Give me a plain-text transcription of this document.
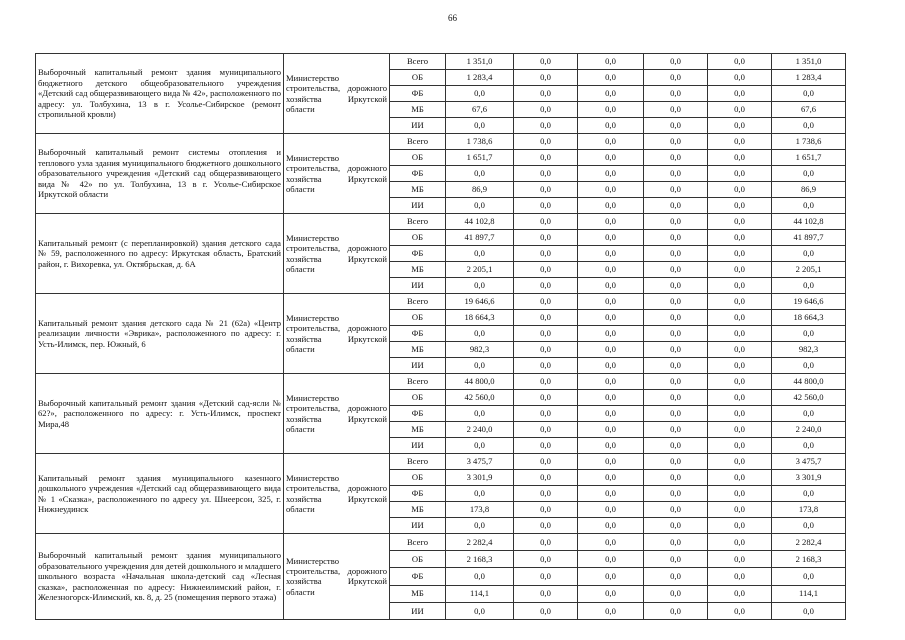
66
Выборочный капитальный ремонт здания муниципального бюджетного детского общеобразовательного учреждения «Детский сад общеразвивающего вида № 42», расположенного по адресу: ул. Толбухина, 13 в г. Усолье-Сибирское (ремонт стропильной кровли)	Министерство строительства, дорожного хозяйства Иркутской области	Всего	1 351,0	0,0	0,0	0,0	0,0	1 351,0
		ОБ	1 283,4	0,0	0,0	0,0	0,0	1 283,4
		ФБ	0,0	0,0	0,0	0,0	0,0	0,0
		МБ	67,6	0,0	0,0	0,0	0,0	67,6
		ИИ	0,0	0,0	0,0	0,0	0,0	0,0
Выборочный капитальный ремонт системы отопления и теплового узла здания муниципального бюджетного дошкольного образовательного учреждения «Детский сад общеразвивающего вида № 42» по ул. Толбухина, 13 в г. Усолье-Сибирское Иркутской области	Министерство строительства, дорожного хозяйства Иркутской области	Всего	1 738,6	0,0	0,0	0,0	0,0	1 738,6
		ОБ	1 651,7	0,0	0,0	0,0	0,0	1 651,7
		ФБ	0,0	0,0	0,0	0,0	0,0	0,0
		МБ	86,9	0,0	0,0	0,0	0,0	86,9
		ИИ	0,0	0,0	0,0	0,0	0,0	0,0
Капитальный ремонт (с перепланировкой) здания детского сада № 59, расположенного по адресу: Иркутская область, Братский район, г. Вихоревка, ул. Октябрьская, д. 6А	Министерство строительства, дорожного хозяйства Иркутской области	Всего	44 102,8	0,0	0,0	0,0	0,0	44 102,8
		ОБ	41 897,7	0,0	0,0	0,0	0,0	41 897,7
		ФБ	0,0	0,0	0,0	0,0	0,0	0,0
		МБ	2 205,1	0,0	0,0	0,0	0,0	2 205,1
		ИИ	0,0	0,0	0,0	0,0	0,0	0,0
Капитальный ремонт здания детского сада № 21 (62а) «Центр реализации личности «Эврика», расположенного по адресу: г. Усть-Илимск, пер. Южный, 6	Министерство строительства, дорожного хозяйства Иркутской области	Всего	19 646,6	0,0	0,0	0,0	0,0	19 646,6
		ОБ	18 664,3	0,0	0,0	0,0	0,0	18 664,3
		ФБ	0,0	0,0	0,0	0,0	0,0	0,0
		МБ	982,3	0,0	0,0	0,0	0,0	982,3
		ИИ	0,0	0,0	0,0	0,0	0,0	0,0
Выборочный капитальный ремонт здания «Детский сад-ясли № 62?», расположенного по адресу: г. Усть-Илимск, проспект Мира,48	Министерство строительства, дорожного хозяйства Иркутской области	Всего	44 800,0	0,0	0,0	0,0	0,0	44 800,0
		ОБ	42 560,0	0,0	0,0	0,0	0,0	42 560,0
		ФБ	0,0	0,0	0,0	0,0	0,0	0,0
		МБ	2 240,0	0,0	0,0	0,0	0,0	2 240,0
		ИИ	0,0	0,0	0,0	0,0	0,0	0,0
Капитальный ремонт здания муниципального казенного дошкольного учреждения «Детский сад общеразвивающего вида № 1 «Сказка», расположенного по адресу ул. Шнеерсон, 325, г. Нижнеудинск	Министерство строительства, дорожного хозяйства Иркутской области	Всего	3 475,7	0,0	0,0	0,0	0,0	3 475,7
		ОБ	3 301,9	0,0	0,0	0,0	0,0	3 301,9
		ФБ	0,0	0,0	0,0	0,0	0,0	0,0
		МБ	173,8	0,0	0,0	0,0	0,0	173,8
		ИИ	0,0	0,0	0,0	0,0	0,0	0,0
Выборочный капитальный ремонт здания муниципального образовательного учреждения для детей дошкольного и младшего школьного возраста «Начальная школа-детский сад «Лесная сказка», расположенная по адресу: Нижнеилимский район, г. Железногорск-Илимский, кв. 8, д. 25 (помещения первого этажа)	Министерство строительства, дорожного хозяйства Иркутской области	Всего	2 282,4	0,0	0,0	0,0	0,0	2 282,4
		ОБ	2 168,3	0,0	0,0	0,0	0,0	2 168,3
		ФБ	0,0	0,0	0,0	0,0	0,0	0,0
		МБ	114,1	0,0	0,0	0,0	0,0	114,1
		ИИ	0,0	0,0	0,0	0,0	0,0	0,0
